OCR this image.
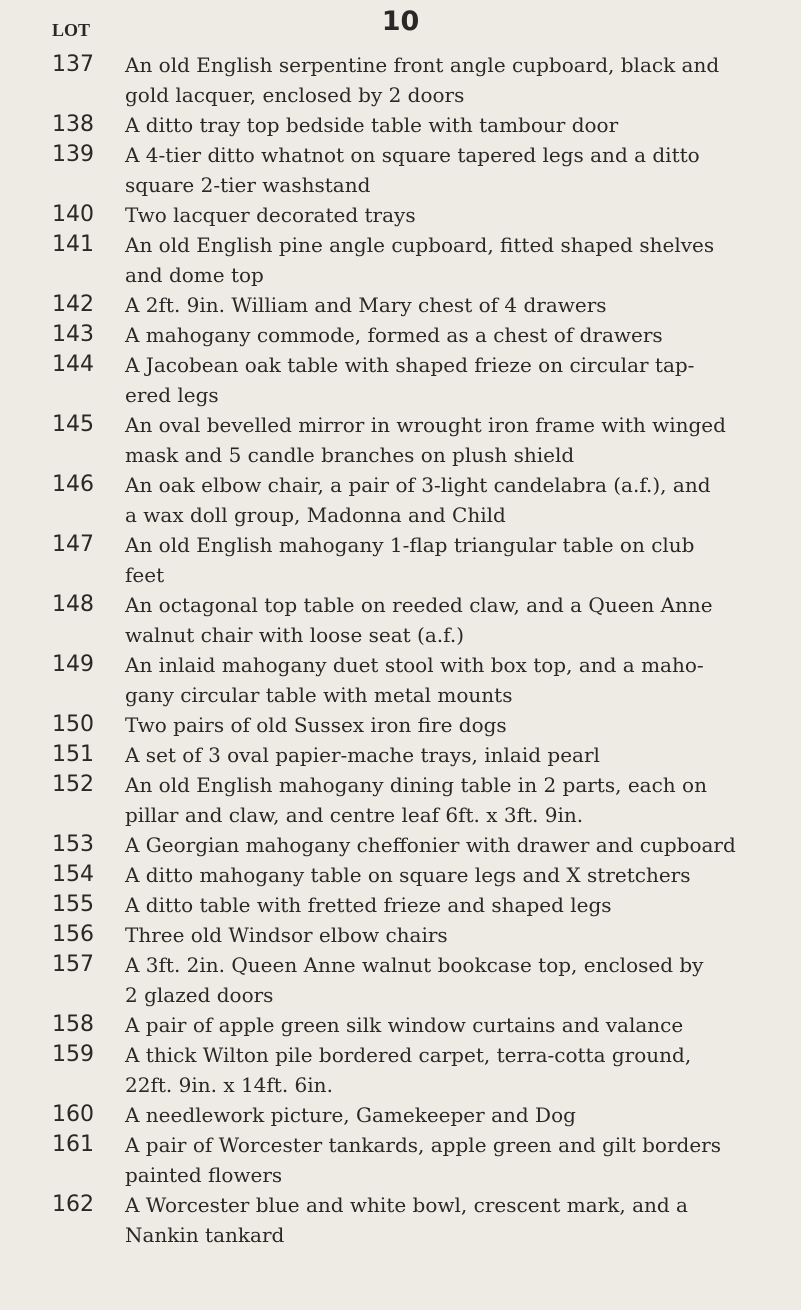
10
LOT
137	An old English serpentine front angle cupboard, black and
gold lacquer, enclosed by 2 doors
138	A ditto tray top bedside table with tambour door
139	A 4-tier ditto whatnot on square tapered legs and a ditto
square 2-tier washstand
140	Two lacquer decorated trays
141	An old English pine angle cupboard, fitted shaped shelves
and dome top
142	A 2ft. 9in. William and Mary chest of 4 drawers
143	A mahogany commode, formed as a chest of drawers
144	A Jacobean oak table with shaped frieze on circular tap-
ered legs
145	An oval bevelled mirror in wrought iron frame with winged
mask and 5 candle branches on plush shield
146	An oak elbow chair, a pair of 3-light candelabra (a.f.), and
a wax doll group, Madonna and Child
147	An old English mahogany 1-flap triangular table on club
feet
148	An octagonal top table on reeded claw, and a Queen Anne
walnut chair with loose seat (a.f.)
149	An inlaid mahogany duet stool with box top, and a maho-
gany circular table with metal mounts
150	Two pairs of old Sussex iron fire dogs
151	A set of 3 oval papier-mache trays, inlaid pearl
152	An old English mahogany dining table in 2 parts, each on
pillar and claw, and centre leaf 6ft. x 3ft. 9in.
153	A Georgian mahogany cheffonier with drawer and cupboard
154	A ditto mahogany table on square legs and X stretchers
155	A ditto table with fretted frieze and shaped legs
156	Three old Windsor elbow chairs
157	A 3ft. 2in. Queen Anne walnut bookcase top, enclosed by
2 glazed doors
158	A pair of apple green silk window curtains and valance
159	A thick Wilton pile bordered carpet, terra-cotta ground,
22ft. 9in. x 14ft. 6in.
160	A needlework picture, Gamekeeper and Dog
161	A pair of Worcester tankards, apple green and gilt borders
painted flowers
162	A Worcester blue and white bowl, crescent mark, and a
Nankin tankard
